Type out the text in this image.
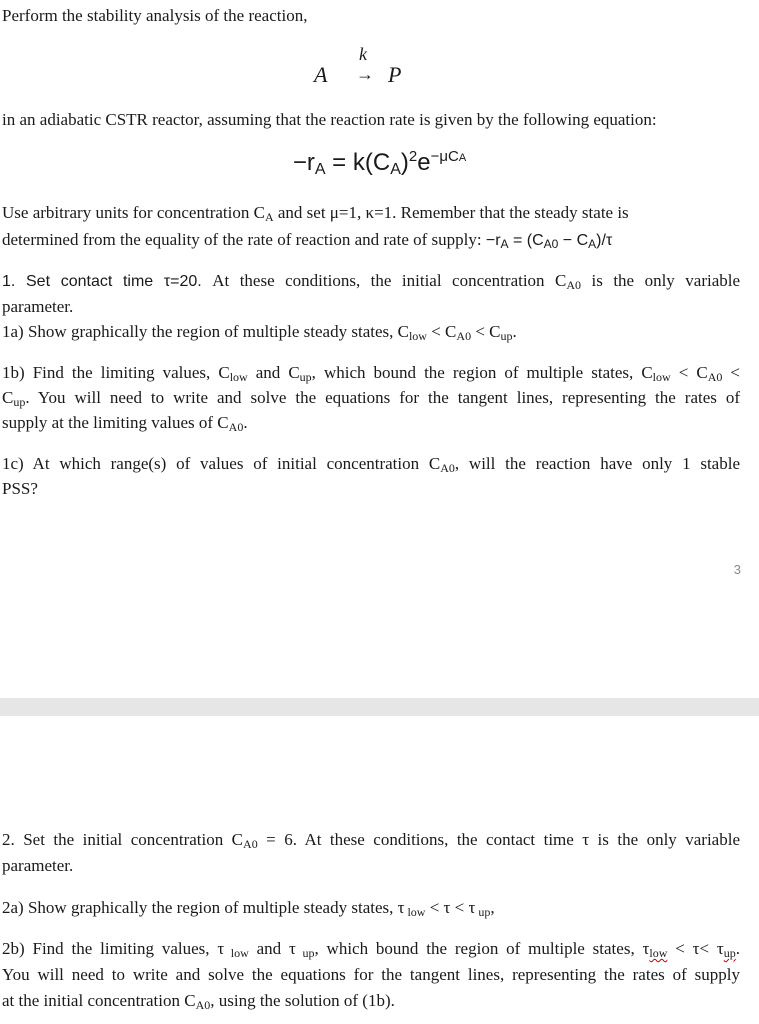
Perform the stability analysis of the reaction,
A
k
→ P
in an adiabatic CSTR reactor, assuming that the reaction rate is given by the following equation:
$-rA = k(CA)^2e^{-\mu CA}$
Use arbitrary units for concentration $C_A$ and set μ=1, κ=1. Remember that the steady state is
determined from the equality of the rate of reaction and rate of supply: $-r_A = (C_{A0} - C_A)/\tau$
1. Set contact time τ=20. At these conditions, the initial concentration $C_{A0}$ is the only variable
parameter.
1a) Show graphically the region of multiple steady states, $C_{low} < C_{A0} < C_{up}$.
1b) Find the limiting values, $C_{low}$ and $C_{up}$, which bound the region of multiple states, $C_{low} < C_{A0}$ <
$C_{up}$. You will need to write and solve the equations for the tangent lines, representing the rates of
supply at the limiting values of $C_{A0}$.
1c) At which range(s) of values of initial concentration $C_{A0}$, will the reaction have only 1 stable
PSS?
3
2. Set the initial concentration $C_{A0} = 6$. At these conditions, the contact time τ is the only variable
parameter.
2a) Show graphically the region of multiple steady states, τ $_{low}$ < τ < τ $_{up}$,
2b) Find the limiting values, τ $_{low}$ and τ $_{up}$, which bound the region of multiple states, $\tau_{low} < \tau< \tau_{up}$.
You will need to write and solve the equations for the tangent lines, representing the rates of supply
at the initial concentration $C_{A0}$, using the solution of (1b).
